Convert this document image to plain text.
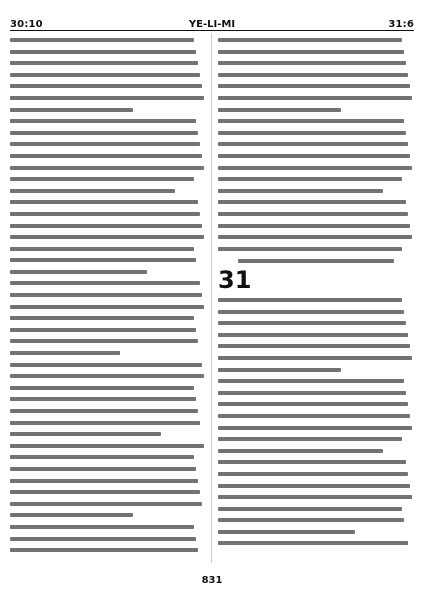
30:10	YE-LI-MI	31:6
31
831
